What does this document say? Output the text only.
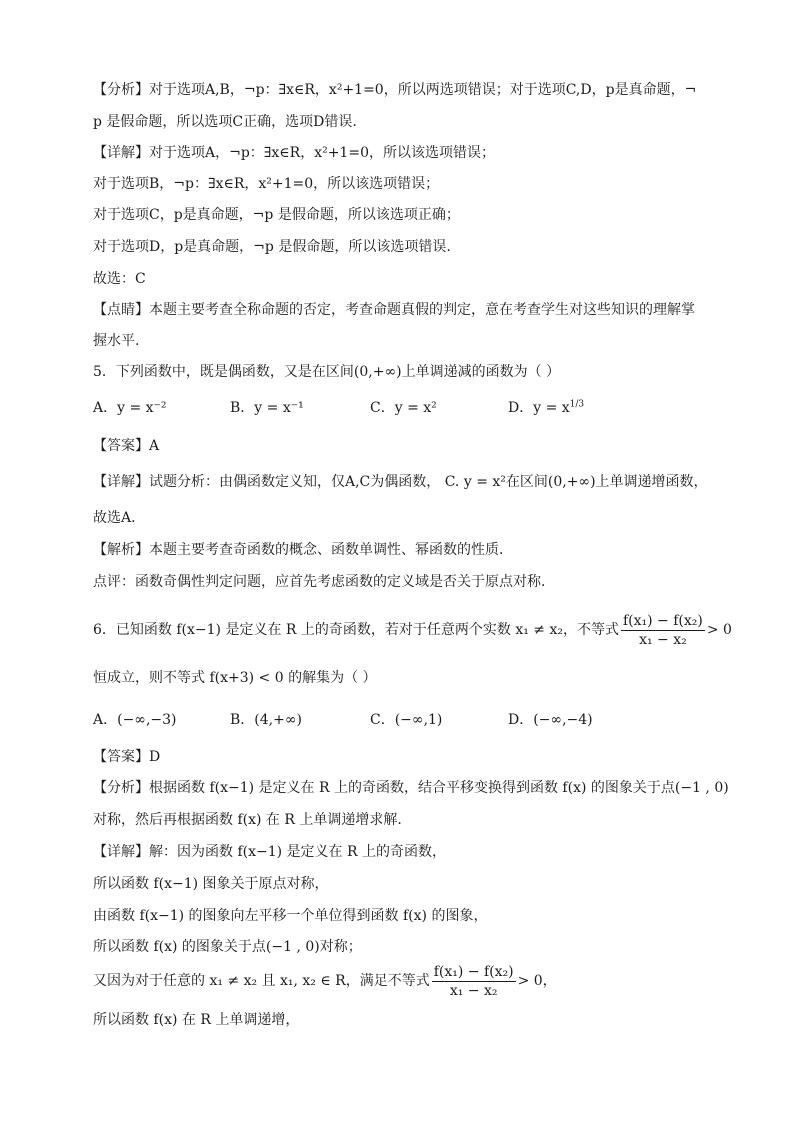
【分析】对于选项A,B，¬p：∃x∈R，x²+1=0，所以两选项错误；对于选项C,D，p是真命题，¬
p 是假命题，所以选项C正确，选项D错误.
【详解】对于选项A，¬p：∃x∈R，x²+1=0，所以该选项错误；
对于选项B，¬p：∃x∈R，x²+1=0，所以该选项错误；
对于选项C，p是真命题，¬p 是假命题，所以该选项正确；
对于选项D，p是真命题，¬p 是假命题，所以该选项错误.
故选：C
【点睛】本题主要考查全称命题的否定，考查命题真假的判定，意在考查学生对这些知识的理解掌
握水平.
5．下列函数中，既是偶函数，又是在区间(0,+∞)上单调递减的函数为（ ）
A．y = x⁻²	B．y = x⁻¹	C．y = x²	D．$y = x^{1/3}$
【答案】A
【详解】试题分析：由偶函数定义知，仅A,C为偶函数， C. y = x²在区间(0,+∞)上单调递增函数，
故选A．
【解析】本题主要考查奇函数的概念、函数单调性、幂函数的性质．
点评：函数奇偶性判定问题，应首先考虑函数的定义域是否关于原点对称．
6．已知函数 f(x−1) 是定义在 R 上的奇函数，若对于任意两个实数 x₁ ≠ x₂，不等式 $\frac{\text{f(x₁) − f(x₂)}}{\text{x₁ − x₂}} > 0$
恒成立，则不等式 f(x+3) < 0 的解集为（ ）
A．(−∞,−3)	B．(4,+∞)	C．(−∞,1)	D．(−∞,−4)
【答案】D
【分析】根据函数 f(x−1) 是定义在 R 上的奇函数，结合平移变换得到函数 f(x) 的图象关于点(−1 , 0)
对称，然后再根据函数 f(x) 在 R 上单调递增求解.
【详解】解：因为函数 f(x−1) 是定义在 R 上的奇函数，
所以函数 f(x−1) 图象关于原点对称，
由函数 f(x−1) 的图象向左平移一个单位得到函数 f(x) 的图象，
所以函数 f(x) 的图象关于点(−1 , 0)对称；
又因为对于任意的 x₁ ≠ x₂ 且 x₁, x₂ ∈ R，满足不等式 $\frac{\text{f(x₁) − f(x₂)}}{\text{x₁ − x₂}} > 0$，
所以函数 f(x) 在 R 上单调递增，
